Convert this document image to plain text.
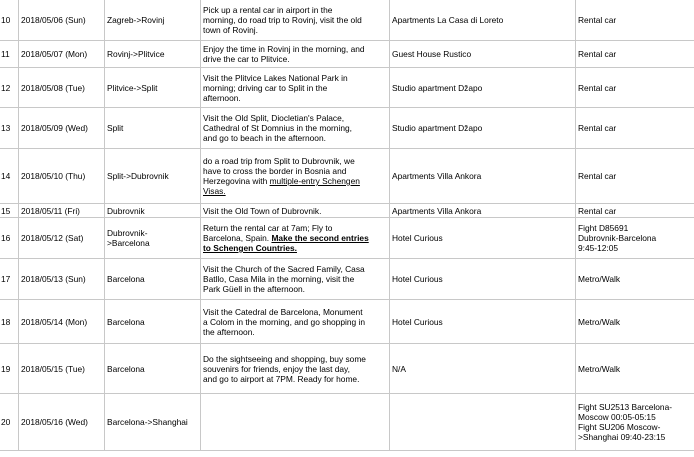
10	2018/05/06 (Sun)	Zagreb->Rovinj	Pick up a rental car in airport in the
morning, do road trip to Rovinj, visit the old
town of Rovinj.	Apartments La Casa di Loreto	Rental car

11	2018/05/07 (Mon)	Rovinj->Plitvice	Enjoy the time in Rovinj in the morning, and
drive the car to Plitvice.	Guest House Rustico	Rental car

12	2018/05/08 (Tue)	Plitvice->Split	Visit the Plitvice Lakes National Park in
morning; driving car to Split in the
afternoon.	Studio apartment Džapo	Rental car

13	2018/05/09 (Wed)	Split	Visit the Old Split, Diocletian's Palace,
Cathedral of St Domnius in the morning,
and go to beach in the afternoon.	Studio apartment Džapo	Rental car

14	2018/05/10 (Thu)	Split->Dubrovnik	do a road trip from Split to Dubrovnik, we
have to cross the border in Bosnia and
Herzegovina with multiple-entry Schengen
Visas.	Apartments Villa Ankora	Rental car

15	2018/05/11 (Fri)	Dubrovnik	Visit the Old Town of Dubrovnik.	Apartments Villa Ankora	Rental car

16	2018/05/12 (Sat)	Dubrovnik-
>Barcelona	Return the rental car at 7am; Fly to
Barcelona, Spain. Make the second entries
to Schengen Countries.	Hotel Curious	Fight D85691
Dubrovnik-Barcelona
9:45-12:05

17	2018/05/13 (Sun)	Barcelona	Visit the Church of the Sacred Family, Casa
Batllo, Casa Mila in the morning, visit the
Park Güell in the afternoon.	Hotel Curious	Metro/Walk

18	2018/05/14 (Mon)	Barcelona	Visit the Catedral de Barcelona, Monument
a Colom in the morning, and go shopping in
the afternoon.	Hotel Curious	Metro/Walk

19	2018/05/15 (Tue)	Barcelona	Do the sightseeing and shopping, buy some
souvenirs for friends, enjoy the last day,
and go to airport at 7PM. Ready for home.	N/A	Metro/Walk

20	2018/05/16 (Wed)	Barcelona->Shanghai			Fight SU2513 Barcelona-
Moscow 00:05-05:15
Fight SU206 Moscow-
>Shanghai 09:40-23:15
